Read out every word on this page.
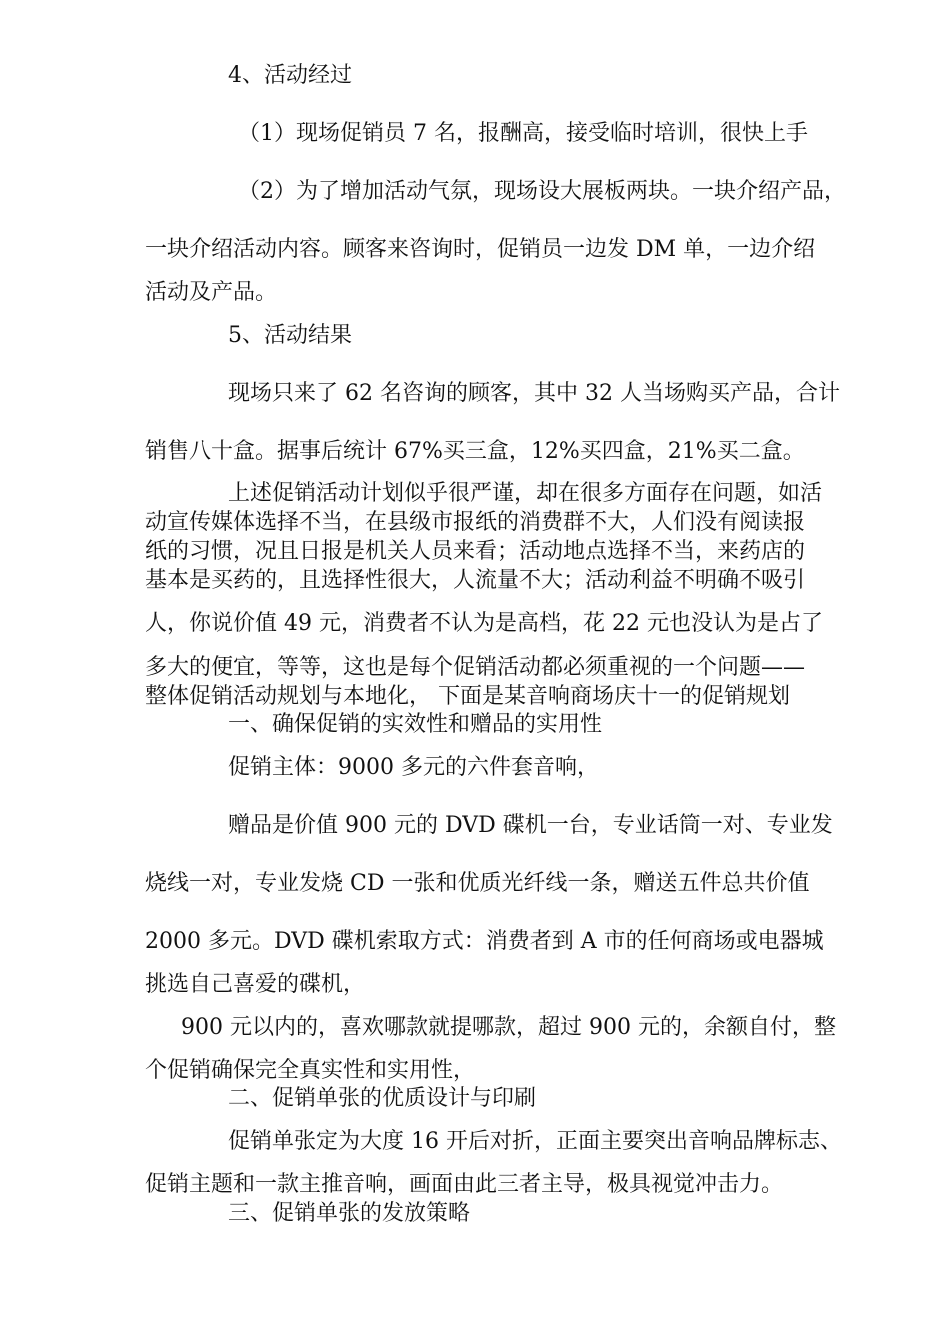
4、活动经过
（1）现场促销员 7 名，报酬高，接受临时培训，很快上手
（2）为了增加活动气氛，现场设大展板两块。一块介绍产品，
一块介绍活动内容。顾客来咨询时，促销员一边发 DM 单，一边介绍
活动及产品。
5、活动结果
现场只来了 62 名咨询的顾客，其中 32 人当场购买产品，合计
销售八十盒。据事后统计 67%买三盒，12%买四盒，21%买二盒。
上述促销活动计划似乎很严谨，却在很多方面存在问题，如活
动宣传媒体选择不当，在县级市报纸的消费群不大，人们没有阅读报
纸的习惯，况且日报是机关人员来看；活动地点选择不当，来药店的
基本是买药的，且选择性很大，人流量不大；活动利益不明确不吸引
人，你说价值 49 元，消费者不认为是高档，花 22 元也没认为是占了
多大的便宜，等等，这也是每个促销活动都必须重视的一个问题——
整体促销活动规划与本地化， 下面是某音响商场庆十一的促销规划
一、确保促销的实效性和赠品的实用性
促销主体：9000 多元的六件套音响，
赠品是价值 900 元的 DVD 碟机一台，专业话筒一对、专业发
烧线一对，专业发烧 CD 一张和优质光纤线一条，赠送五件总共价值
2000 多元。DVD 碟机索取方式：消费者到 A 市的任何商场或电器城
挑选自己喜爱的碟机，
900 元以内的，喜欢哪款就提哪款，超过 900 元的，余额自付，整
个促销确保完全真实性和实用性，
二、促销单张的优质设计与印刷
促销单张定为大度 16 开后对折，正面主要突出音响品牌标志、
促销主题和一款主推音响，画面由此三者主导，极具视觉冲击力。
三、促销单张的发放策略
